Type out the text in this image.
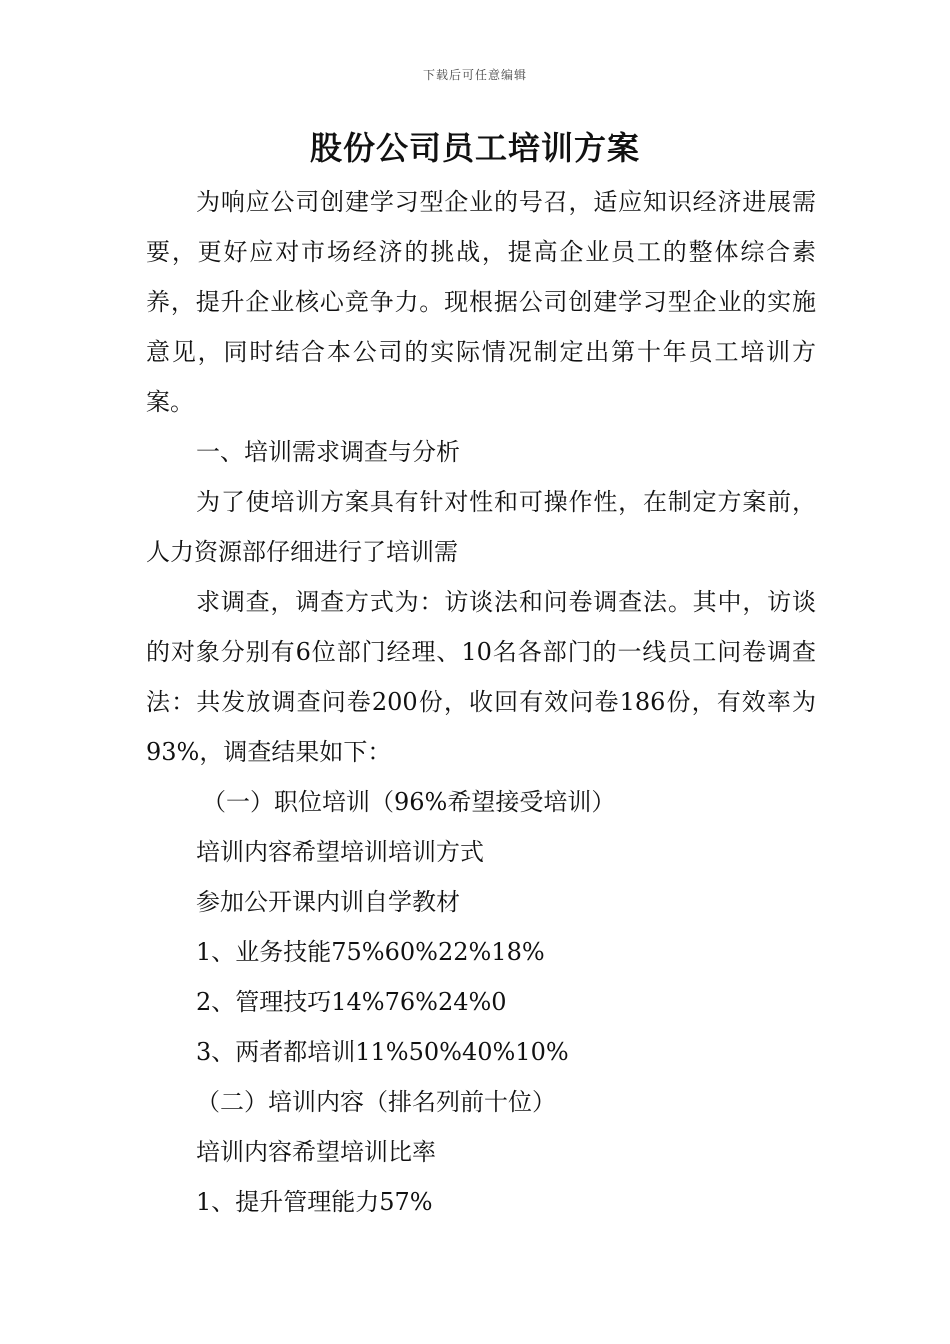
下载后可任意编辑
股份公司员工培训方案

为响应公司创建学习型企业的号召，适应知识经济进展需要，更好应对市场经济的挑战，提高企业员工的整体综合素养，提升企业核心竞争力。现根据公司创建学习型企业的实施意见，同时结合本公司的实际情况制定出第十年员工培训方案。

一、培训需求调查与分析

为了使培训方案具有针对性和可操作性，在制定方案前，人力资源部仔细进行了培训需

求调查，调查方式为：访谈法和问卷调查法。其中，访谈的对象分别有6位部门经理、10名各部门的一线员工问卷调查法：共发放调查问卷200份，收回有效问卷186份，有效率为93%，调查结果如下：

（一）职位培训（96%希望接受培训）

培训内容希望培训培训方式

参加公开课内训自学教材

1、业务技能75%60%22%18%

2、管理技巧14%76%24%0

3、两者都培训11%50%40%10%

（二）培训内容（排名列前十位）

培训内容希望培训比率

1、提升管理能力57%
